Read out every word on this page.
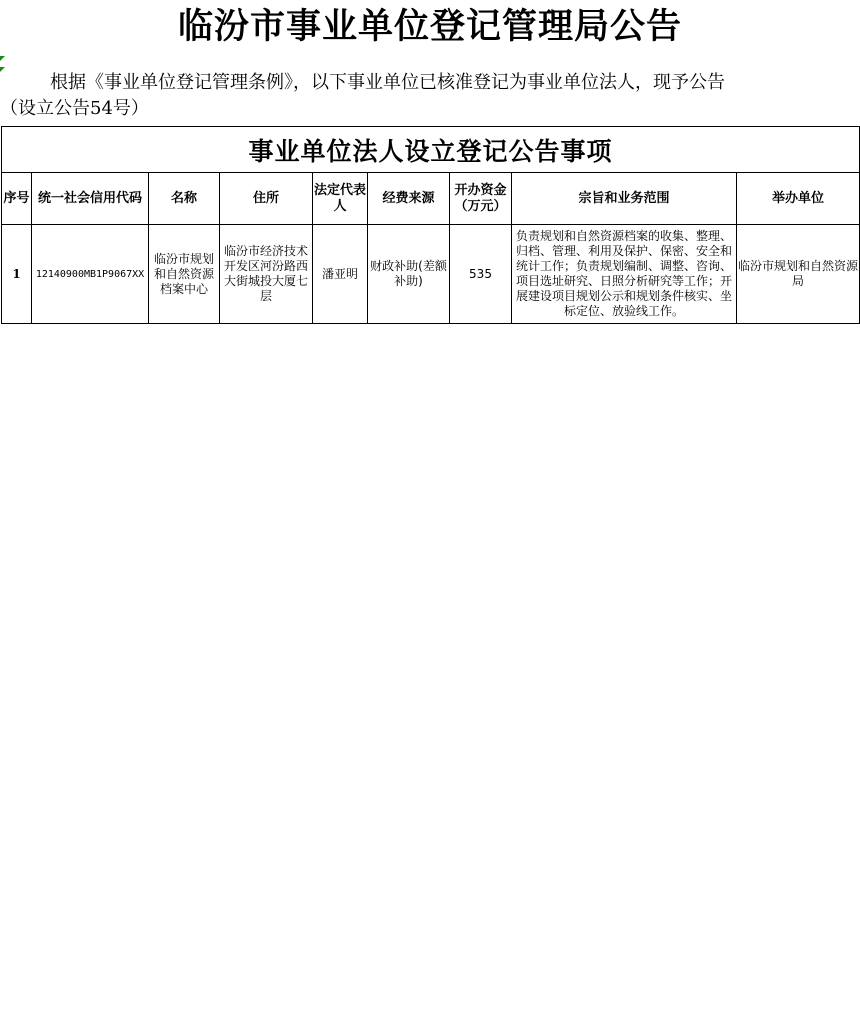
临汾市事业单位登记管理局公告
根据《事业单位登记管理条例》，以下事业单位已核准登记为事业单位法人，现予公告
（设立公告54号）
事业单位法人设立登记公告事项								
序号	统一社会信用代码	名称	住所	法定代表人	经费来源	开办资金（万元）	宗旨和业务范围	举办单位
1	12140900MB1P9067XX	临汾市规划和自然资源档案中心	临汾市经济技术开发区河汾路西大街城投大厦七层	潘亚明	财政补助(差额补助)	535	负责规划和自然资源档案的收集、整理、归档、管理、利用及保护、保密、安全和统计工作；负责规划编制、调整、咨询、项目选址研究、日照分析研究等工作；开展建设项目规划公示和规划条件核实、坐标定位、放验线工作。	临汾市规划和自然资源局
